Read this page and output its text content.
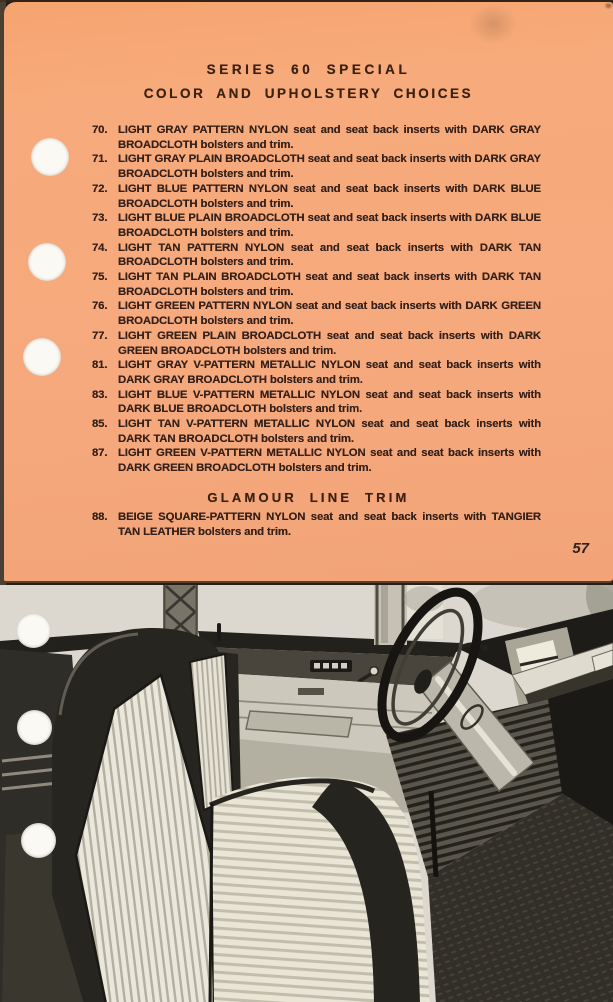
SERIES 60 SPECIAL
COLOR AND UPHOLSTERY CHOICES
70. LIGHT GRAY PATTERN NYLON seat and seat back inserts with DARK GRAY BROADCLOTH bolsters and trim.
71. LIGHT GRAY PLAIN BROADCLOTH seat and seat back inserts with DARK GRAY BROADCLOTH bolsters and trim.
72. LIGHT BLUE PATTERN NYLON seat and seat back inserts with DARK BLUE BROADCLOTH bolsters and trim.
73. LIGHT BLUE PLAIN BROADCLOTH seat and seat back inserts with DARK BLUE BROADCLOTH bolsters and trim.
74. LIGHT TAN PATTERN NYLON seat and seat back inserts with DARK TAN BROADCLOTH bolsters and trim.
75. LIGHT TAN PLAIN BROADCLOTH seat and seat back inserts with DARK TAN BROADCLOTH bolsters and trim.
76. LIGHT GREEN PATTERN NYLON seat and seat back inserts with DARK GREEN BROADCLOTH bolsters and trim.
77. LIGHT GREEN PLAIN BROADCLOTH seat and seat back inserts with DARK GREEN BROADCLOTH bolsters and trim.
81. LIGHT GRAY V-PATTERN METALLIC NYLON seat and seat back inserts with DARK GRAY BROADCLOTH bolsters and trim.
83. LIGHT BLUE V-PATTERN METALLIC NYLON seat and seat back inserts with DARK BLUE BROADCLOTH bolsters and trim.
85. LIGHT TAN V-PATTERN METALLIC NYLON seat and seat back inserts with DARK TAN BROADCLOTH bolsters and trim.
87. LIGHT GREEN V-PATTERN METALLIC NYLON seat and seat back inserts with DARK GREEN BROADCLOTH bolsters and trim.
GLAMOUR LINE TRIM
88. BEIGE SQUARE-PATTERN NYLON seat and seat back inserts with TANGIER TAN LEATHER bolsters and trim.
57
